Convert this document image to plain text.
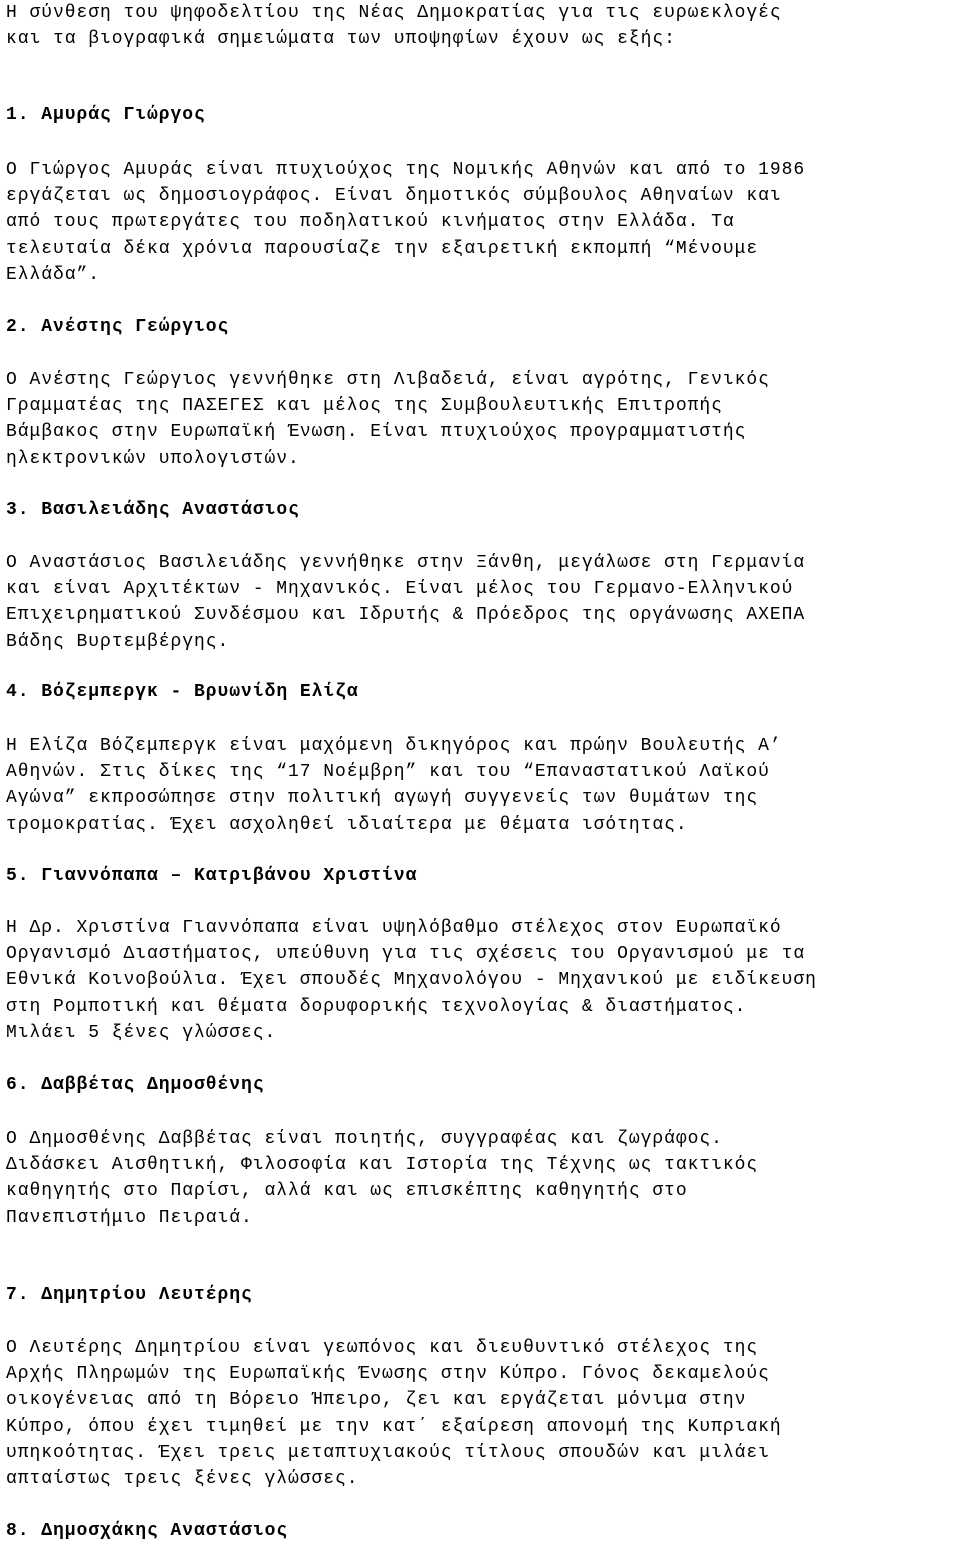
Η σύνθεση του ψηφοδελτίου της Νέας Δημοκρατίας για τις ευρωεκλογές
και τα βιογραφικά σημειώματα των υποψηφίων έχουν ως εξής:

1. Αμυράς Γιώργος

Ο Γιώργος Αμυράς είναι πτυχιούχος της Νομικής Αθηνών και από το 1986
εργάζεται ως δημοσιογράφος. Είναι δημοτικός σύμβουλος Αθηναίων και
από τους πρωτεργάτες του ποδηλατικού κινήματος στην Ελλάδα. Τα
τελευταία δέκα χρόνια παρουσίαζε την εξαιρετική εκπομπή “Μένουμε
Ελλάδα”.

2. Ανέστης Γεώργιος

Ο Ανέστης Γεώργιος γεννήθηκε στη Λιβαδειά, είναι αγρότης, Γενικός
Γραμματέας της ΠΑΣΕΓΕΣ και μέλος της Συμβουλευτικής Επιτροπής
Βάμβακος στην Ευρωπαϊκή Ένωση. Είναι πτυχιούχος προγραμματιστής
ηλεκτρονικών υπολογιστών.

3. Βασιλειάδης Αναστάσιος

Ο Αναστάσιος Βασιλειάδης γεννήθηκε στην Ξάνθη, μεγάλωσε στη Γερμανία
και είναι Αρχιτέκτων - Μηχανικός. Είναι μέλος του Γερμανο-Ελληνικού
Επιχειρηματικού Συνδέσμου και Ιδρυτής & Πρόεδρος της οργάνωσης ΑΧΕΠΑ
Βάδης Βυρτεμβέργης.

4. Βόζεμπεργκ - Βρυωνίδη Ελίζα

Η Ελίζα Βόζεμπεργκ είναι μαχόμενη δικηγόρος και πρώην Βουλευτής Α’
Αθηνών. Στις δίκες της “17 Νοέμβρη” και του “Επαναστατικού Λαϊκού
Αγώνα” εκπροσώπησε στην πολιτική αγωγή συγγενείς των θυμάτων της
τρομοκρατίας. Έχει ασχοληθεί ιδιαίτερα με θέματα ισότητας.

5. Γιαννόπαπα – Κατριβάνου Χριστίνα

Η Δρ. Χριστίνα Γιαννόπαπα είναι υψηλόβαθμο στέλεχος στον Ευρωπαϊκό
Οργανισμό Διαστήματος, υπεύθυνη για τις σχέσεις του Οργανισμού με τα
Εθνικά Κοινοβούλια. Έχει σπουδές Μηχανολόγου - Μηχανικού με ειδίκευση
στη Ρομποτική και θέματα δορυφορικής τεχνολογίας & διαστήματος.
Μιλάει 5 ξένες γλώσσες.

6. Δαββέτας Δημοσθένης

Ο Δημοσθένης Δαββέτας είναι ποιητής, συγγραφέας και ζωγράφος.
Διδάσκει Αισθητική, Φιλοσοφία και Ιστορία της Τέχνης ως τακτικός
καθηγητής στο Παρίσι, αλλά και ως επισκέπτης καθηγητής στο
Πανεπιστήμιο Πειραιά.

7. Δημητρίου Λευτέρης

Ο Λευτέρης Δημητρίου είναι γεωπόνος και διευθυντικό στέλεχος της
Αρχής Πληρωμών της Ευρωπαϊκής Ένωσης στην Κύπρο. Γόνος δεκαμελούς
οικογένειας από τη Βόρειο Ήπειρο, ζει και εργάζεται μόνιμα στην
Κύπρο, όπου έχει τιμηθεί με την κατ΄ εξαίρεση απονομή της Κυπριακή
υπηκοότητας. Έχει τρεις μεταπτυχιακούς τίτλους σπουδών και μιλάει
απταίστως τρεις ξένες γλώσσες.

8. Δημοσχάκης Αναστάσιος
